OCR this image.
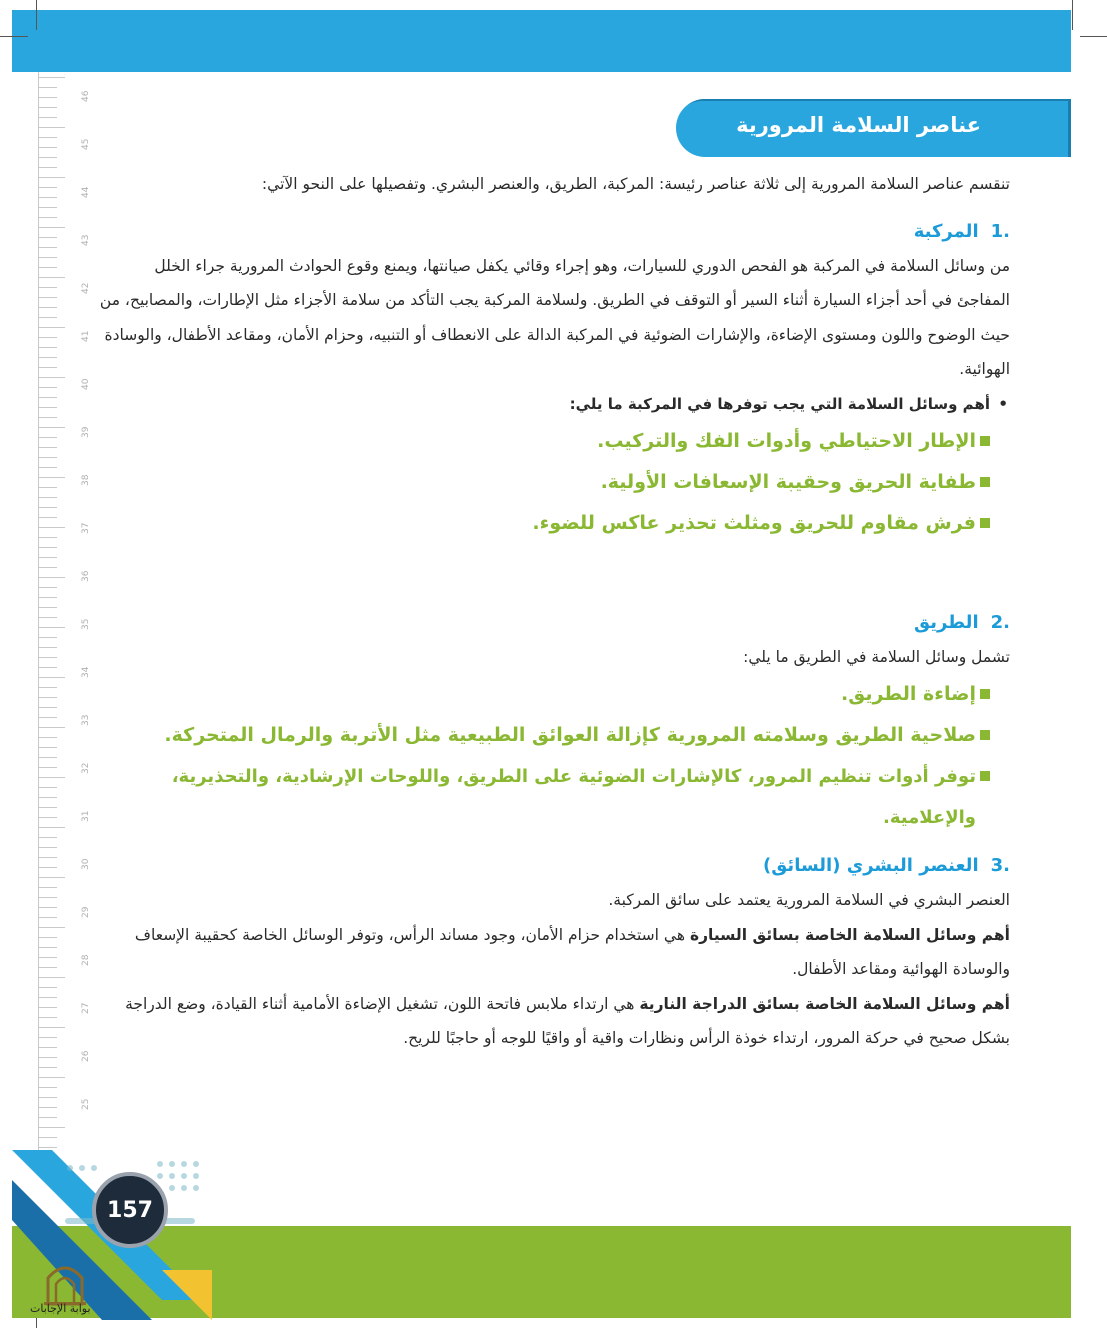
46
45
44
43
42
41
40
39
38
37
36
35
34
33
32
31
30
29
28
27
26
25
عناصر السلامة المرورية

تنقسم عناصر السلامة المرورية إلى ثلاثة عناصر رئيسة: المركبة، الطريق، والعنصر البشري. وتفصيلها على النحو الآتي:

.1المركبة

من وسائل السلامة في المركبة هو الفحص الدوري للسيارات، وهو إجراء وقائي يكفل صيانتها، ويمنع وقوع الحوادث المرورية جراء الخلل المفاجئ في أحد أجزاء السيارة أثناء السير أو التوقف في الطريق. ولسلامة المركبة يجب التأكد من سلامة الأجزاء مثل الإطارات، والمصابيح، من حيث الوضوح واللون ومستوى الإضاءة، والإشارات الضوئية في المركبة الدالة على الانعطاف أو التنبيه، وحزام الأمان، ومقاعد الأطفال، والوسادة الهوائية.

•
أهم وسائل السلامة التي يجب توفرها في المركبة ما يلي:
الإطار الاحتياطي وأدوات الفك والتركيب.
طفاية الحريق وحقيبة الإسعافات الأولية.
فرش مقاوم للحريق ومثلث تحذير عاكس للضوء.

.2الطريق

تشمل وسائل السلامة في الطريق ما يلي:

إضاءة الطريق.
صلاحية الطريق وسلامته المرورية كإزالة العوائق الطبيعية مثل الأتربة والرمال المتحركة.
توفر أدوات تنظيم المرور، كالإشارات الضوئية على الطريق، واللوحات الإرشادية، والتحذيرية، والإعلامية.

.3العنصر البشري (السائق)

العنصر البشري في السلامة المرورية يعتمد على سائق المركبة.

أهم وسائل السلامة الخاصة بسائق السيارة هي استخدام حزام الأمان، وجود مساند الرأس، وتوفر الوسائل الخاصة كحقيبة الإسعاف والوسادة الهوائية ومقاعد الأطفال.

أهم وسائل السلامة الخاصة بسائق الدراجة النارية هي ارتداء ملابس فاتحة اللون، تشغيل الإضاءة الأمامية أثناء القيادة، وضع الدراجة بشكل صحيح في حركة المرور، ارتداء خوذة الرأس ونظارات واقية أو واقيًا للوجه أو حاجبًا للريح.

157
بوابة الإجابات
